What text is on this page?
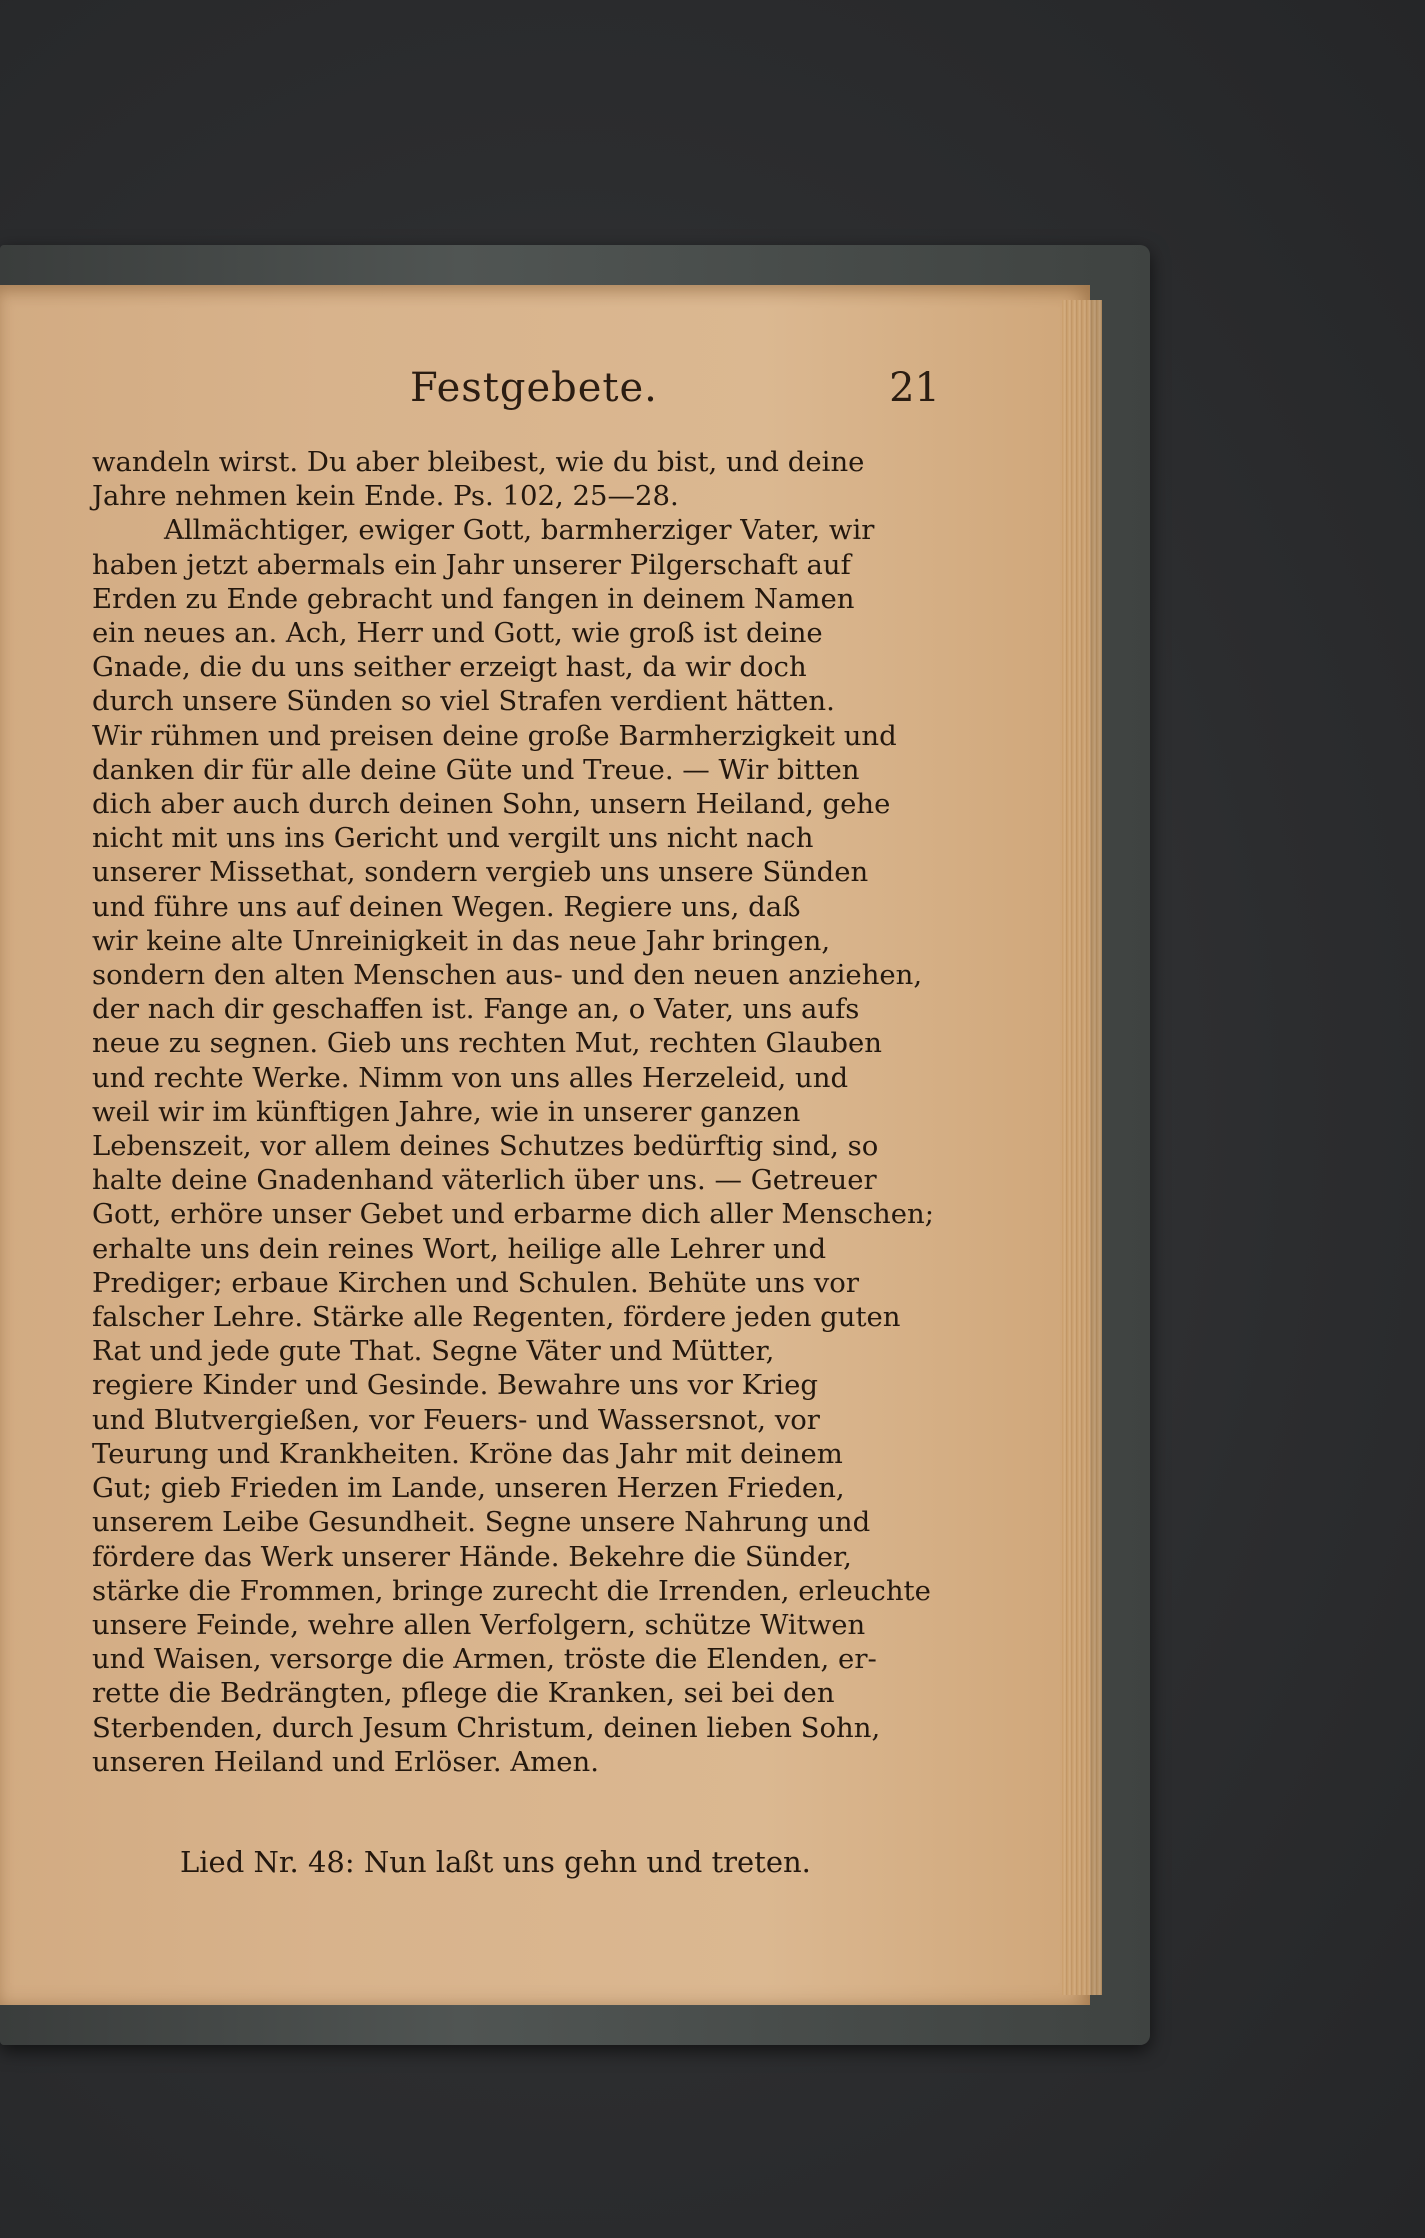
Festgebete.	21
wandeln wirst. Du aber bleibest, wie du bist, und deine
Jahre nehmen kein Ende. Ps. 102, 25—28.
Allmächtiger, ewiger Gott, barmherziger Vater, wir
haben jetzt abermals ein Jahr unserer Pilgerschaft auf
Erden zu Ende gebracht und fangen in deinem Namen
ein neues an. Ach, Herr und Gott, wie groß ist deine
Gnade, die du uns seither erzeigt hast, da wir doch
durch unsere Sünden so viel Strafen verdient hätten.
Wir rühmen und preisen deine große Barmherzigkeit und
danken dir für alle deine Güte und Treue. — Wir bitten
dich aber auch durch deinen Sohn, unsern Heiland, gehe
nicht mit uns ins Gericht und vergilt uns nicht nach
unserer Missethat, sondern vergieb uns unsere Sünden
und führe uns auf deinen Wegen. Regiere uns, daß
wir keine alte Unreinigkeit in das neue Jahr bringen,
sondern den alten Menschen aus- und den neuen anziehen,
der nach dir geschaffen ist. Fange an, o Vater, uns aufs
neue zu segnen. Gieb uns rechten Mut, rechten Glauben
und rechte Werke. Nimm von uns alles Herzeleid, und
weil wir im künftigen Jahre, wie in unserer ganzen
Lebenszeit, vor allem deines Schutzes bedürftig sind, so
halte deine Gnadenhand väterlich über uns. — Getreuer
Gott, erhöre unser Gebet und erbarme dich aller Menschen;
erhalte uns dein reines Wort, heilige alle Lehrer und
Prediger; erbaue Kirchen und Schulen. Behüte uns vor
falscher Lehre. Stärke alle Regenten, fördere jeden guten
Rat und jede gute That. Segne Väter und Mütter,
regiere Kinder und Gesinde. Bewahre uns vor Krieg
und Blutvergießen, vor Feuers- und Wassersnot, vor
Teurung und Krankheiten. Kröne das Jahr mit deinem
Gut; gieb Frieden im Lande, unseren Herzen Frieden,
unserem Leibe Gesundheit. Segne unsere Nahrung und
fördere das Werk unserer Hände. Bekehre die Sünder,
stärke die Frommen, bringe zurecht die Irrenden, erleuchte
unsere Feinde, wehre allen Verfolgern, schütze Witwen
und Waisen, versorge die Armen, tröste die Elenden, er-
rette die Bedrängten, pflege die Kranken, sei bei den
Sterbenden, durch Jesum Christum, deinen lieben Sohn,
unseren Heiland und Erlöser. Amen.
Lied Nr. 48: Nun laßt uns gehn und treten.
